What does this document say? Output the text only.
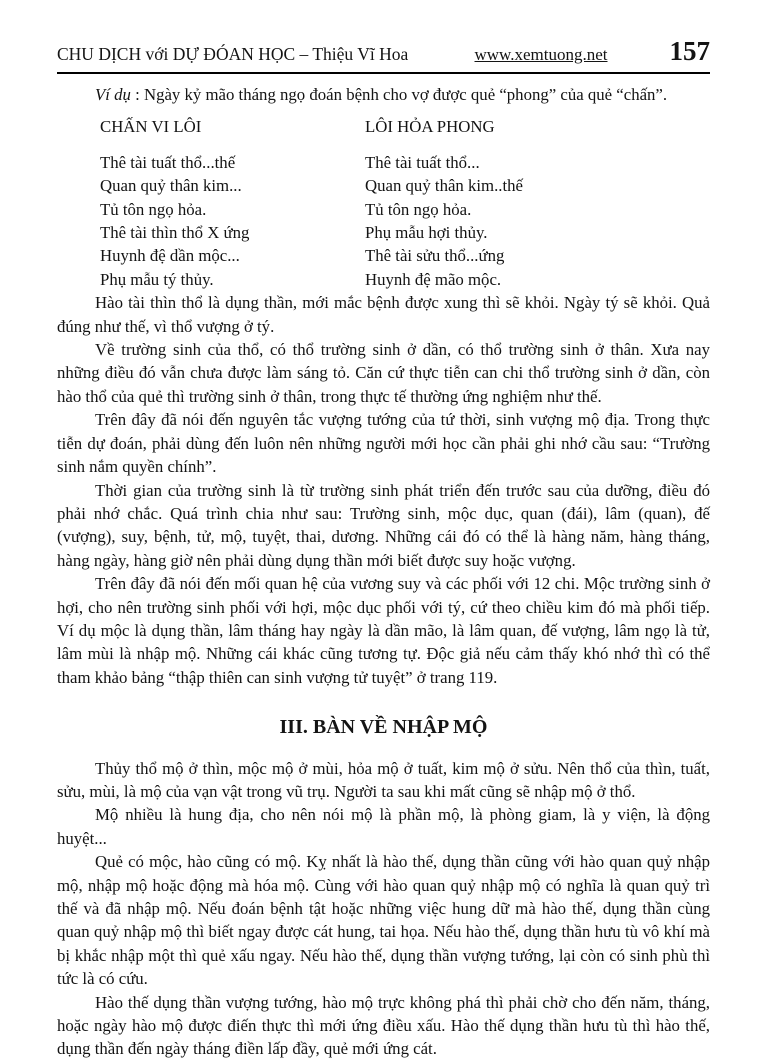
CHU DỊCH với DỰ ĐÓAN HỌC – Thiệu Vĩ Hoa	www.xemtuong.net 157

Ví dụ : Ngày kỷ mão tháng ngọ đoán bệnh cho vợ được quẻ “phong” của quẻ “chấn”.

CHẤN VI LÔI
Thê tài tuất thổ...thế
Quan quỷ thân kim...
Tủ tôn ngọ hỏa.
Thê tài thìn thổ X ứng
Huynh đệ dần mộc...
Phụ mẫu tý thủy.
LÔI HỎA PHONG
Thê tài tuất thổ...
Quan quỷ thân kim..thế
Tủ tôn ngọ hỏa.
Phụ mẫu hợi thủy.
Thê tài sửu thổ...ứng
Huynh đệ mão mộc.

Hào tài thìn thổ là dụng thần, mới mắc bệnh được xung thì sẽ khỏi. Ngày tý sẽ khỏi. Quả đúng như thế, vì thổ vượng ở tý.

Về trường sinh của thổ, có thổ trường sinh ở dần, có thổ trường sinh ở thân. Xưa nay những điều đó vẫn chưa được làm sáng tỏ. Căn cứ thực tiễn can chi thổ trường sinh ở dần, còn hào thổ của quẻ thì trường sinh ở thân, trong thực tế thường ứng nghiệm như thế.

Trên đây đã nói đến nguyên tắc vượng tướng của tứ thời, sinh vượng mộ địa. Trong thực tiễn dự đoán, phải dùng đến luôn nên những người mới học cần phải ghi nhớ cầu sau: “Trường sinh nắm quyền chính”.

Thời gian của trường sinh là từ trường sinh phát triển đến trước sau của dưỡng, điều đó phải nhớ chắc. Quá trình chia như sau: Trường sinh, mộc dục, quan (đái), lâm (quan), đế (vượng), suy, bệnh, tử, mộ, tuyệt, thai, dương. Những cái đó có thể là hàng năm, hàng tháng, hàng ngày, hàng giờ nên phải dùng dụng thần mới biết được suy hoặc vượng.

Trên đây đã nói đến mối quan hệ của vương suy và các phối với 12 chi. Mộc trường sinh ở hợi, cho nên trường sinh phối với hợi, mộc dục phối với tý, cứ theo chiều kim đó mà phối tiếp. Ví dụ mộc là dụng thần, lâm tháng hay ngày là dần mão, là lâm quan, đế vượng, lâm ngọ là tử, lâm mùi là nhập mộ. Những cái khác cũng tương tự. Độc giả nếu cảm thấy khó nhớ thì có thể tham khảo bảng “thập thiên can sinh vượng tử tuyệt” ở trang 119.

III. BÀN VỀ NHẬP MỘ

Thủy thổ mộ ở thìn, mộc mộ ở mùi, hỏa mộ ở tuất, kim mộ ở sửu. Nên thổ của thìn, tuất, sửu, mùi, là mộ của vạn vật trong vũ trụ. Người ta sau khi mất cũng sẽ nhập mộ ở thổ.

Mộ nhiều là hung địa, cho nên nói mộ là phần mộ, là phòng giam, là y viện, là động huyệt...

Quẻ có mộc, hào cũng có mộ. Kỵ nhất là hào thế, dụng thần cũng với hào quan quỷ nhập mộ, nhập mộ hoặc động mà hóa mộ. Cùng với hào quan quỷ nhập mộ có nghĩa là quan quỷ trì thế và đã nhập mộ. Nếu đoán bệnh tật hoặc những việc hung dữ mà hào thế, dụng thần cùng quan quỷ nhập mộ thì biết ngay được cát hung, tai họa. Nếu hào thế, dụng thần hưu tù vô khí mà bị khắc nhập một thì quẻ xấu ngay. Nếu hào thế, dụng thần vượng tướng, lại còn có sinh phù thì tức là có cứu.

Hào thế dụng thần vượng tướng, hào mộ trực không phá thì phải chờ cho đến năm, tháng, hoặc ngày hào mộ được điến thực thì mới ứng điều xấu. Hào thế dụng thần hưu tù thì hào thế, dụng thần đến ngày tháng điền lấp đầy, quẻ mới ứng cát.
